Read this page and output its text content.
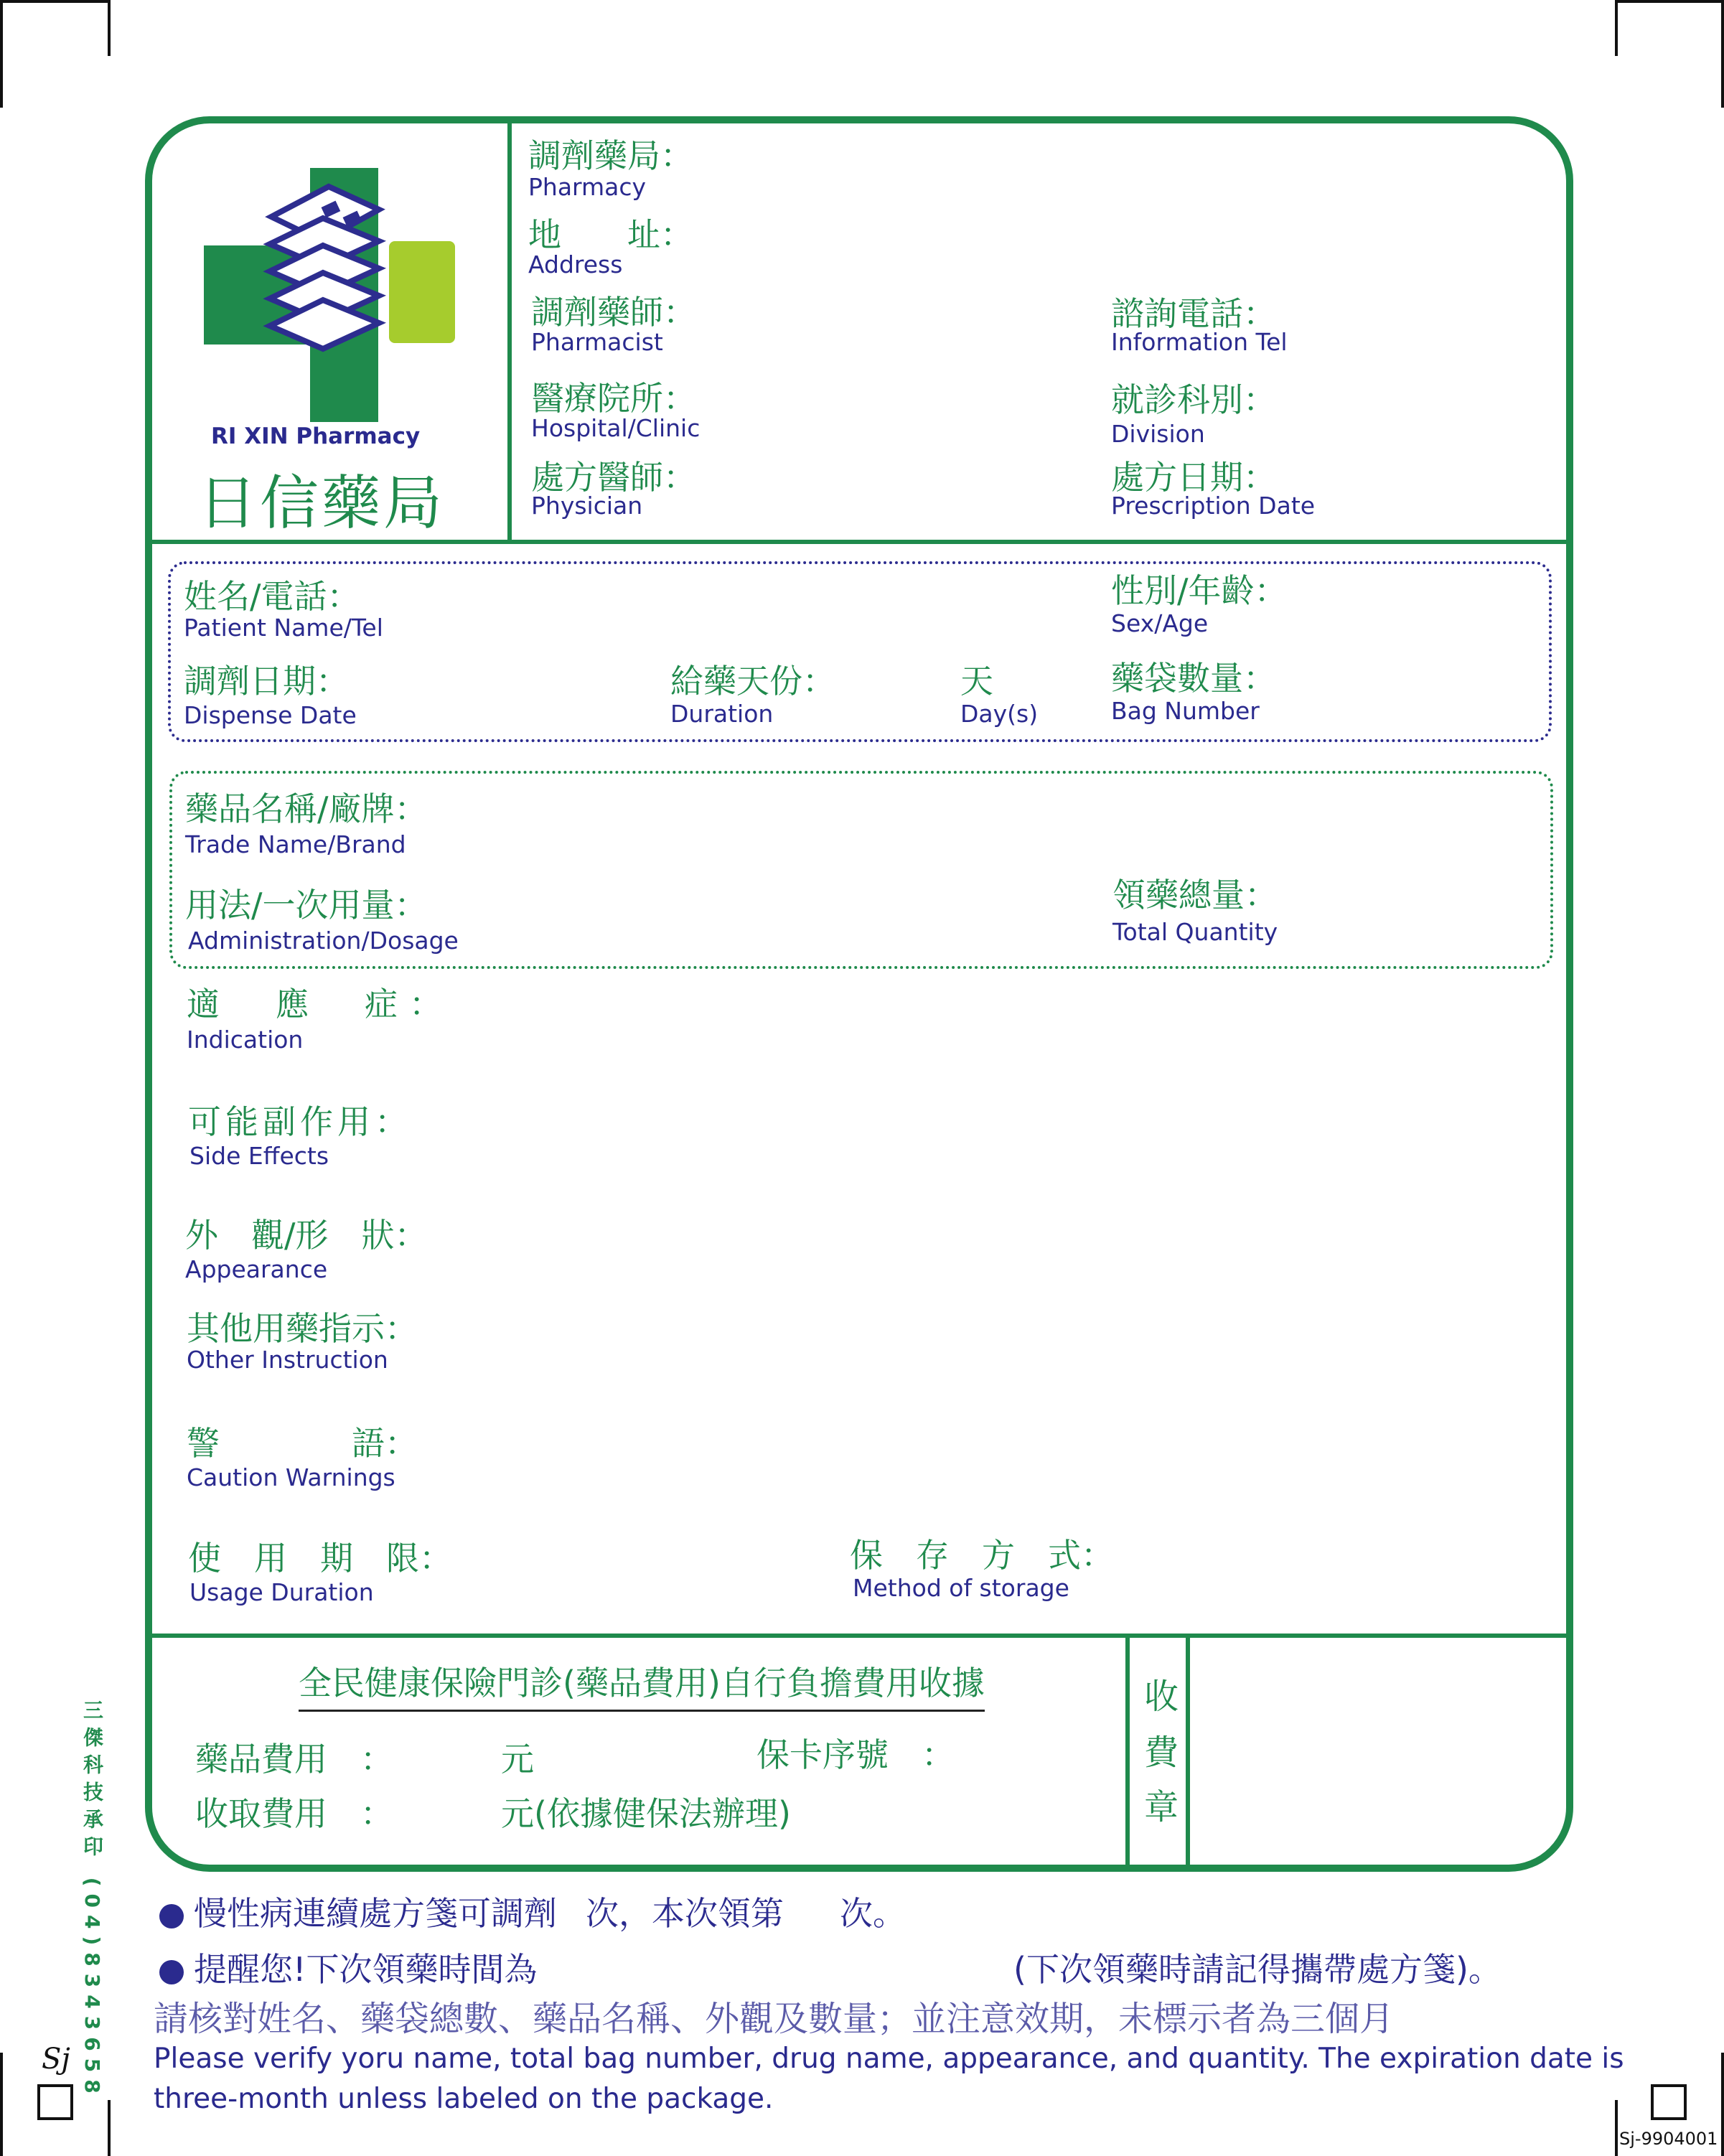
RI XIN Pharmacy
日信藥局
調劑藥局：
Pharmacy
地　　址：
Address
調劑藥師：
Pharmacist
諮詢電話：
Information Tel
醫療院所：
Hospital/Clinic
就診科別：
Division
處方醫師：
Physician
處方日期：
Prescription Date
姓名/電話：
Patient Name/Tel
性別/年齡：
Sex/Age
調劑日期：
Dispense Date
給藥天份：
Duration
天
Day(s)
藥袋數量：
Bag Number
藥品名稱/廠牌：
Trade Name/Brand
用法/一次用量：
Administration/Dosage
領藥總量：
Total Quantity
適　應　症：
Indication
可能副作用：
Side Effects
外　觀/形　狀：
Appearance
其他用藥指示：
Other Instruction
警　　　　語：
Caution Warnings
使　用　期　限：
Usage Duration
保　存　方　式：
Method of storage
全民健康保險門診(藥品費用)自行負擔費用收據
藥品費用　：	元	保卡序號　：
收取費用　：	元(依據健保法辦理)
收
費
章
慢性病連續處方箋可調劑 次，本次領第 次。
提醒您!下次領藥時間為	(下次領藥時請記得攜帶處方箋)。
請核對姓名、藥袋總數、藥品名稱、外觀及數量；並注意效期，未標示者為三個月
Please verify yoru name, total bag number, drug name, appearance, and quantity. The expiration date is
three-month unless labeled on the package.
三傑科技承印 (04)8343658
Sj
Sj-9904001
